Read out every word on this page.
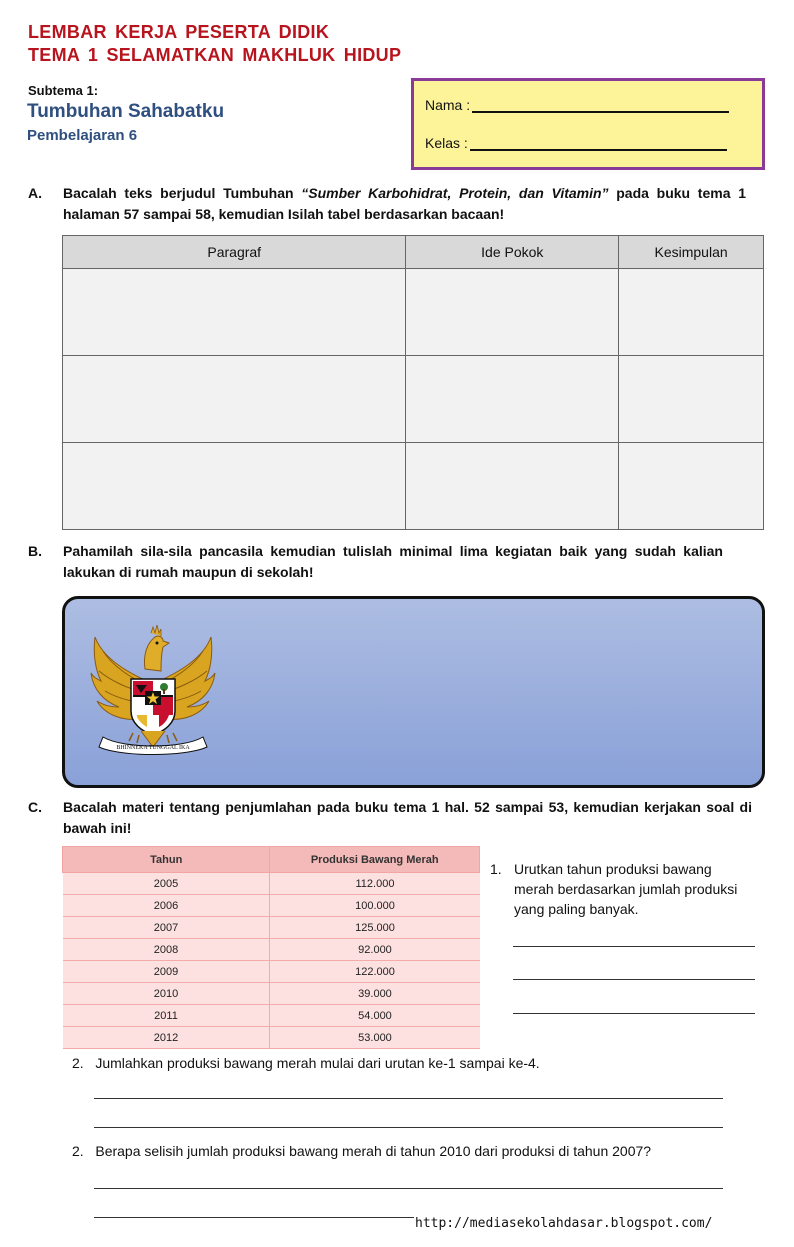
LEMBAR KERJA PESERTA DIDIK
TEMA 1 SELAMATKAN MAKHLUK HIDUP
Subtema 1:
Tumbuhan Sahabatku
Pembelajaran 6
Nama :
Kelas :
A. Bacalah teks berjudul Tumbuhan “Sumber Karbohidrat, Protein, dan Vitamin” pada buku tema 1 halaman 57 sampai 58, kemudian Isilah tabel berdasarkan bacaan!
Paragraf	Ide Pokok	Kesimpulan

B. Pahamilah sila-sila pancasila kemudian tulislah minimal lima kegiatan baik yang sudah kalian lakukan di rumah maupun di sekolah!
BHINNEKA TUNGGAL IKA
C. Bacalah materi tentang penjumlahan pada buku tema 1 hal. 52 sampai 53, kemudian kerjakan soal di bawah ini!
Tahun	Produksi Bawang Merah
2005	112.000
2006	100.000
2007	125.000
2008	92.000
2009	122.000
2010	39.000
2011	54.000
2012	53.000
1. Urutkan tahun produksi bawang merah berdasarkan jumlah produksi yang paling banyak.
2. Jumlahkan produksi bawang merah mulai dari urutan ke-1 sampai ke-4.
2. Berapa selisih jumlah produksi bawang merah di tahun 2010 dari produksi di tahun 2007?
http://mediasekolahdasar.blogspot.com/
